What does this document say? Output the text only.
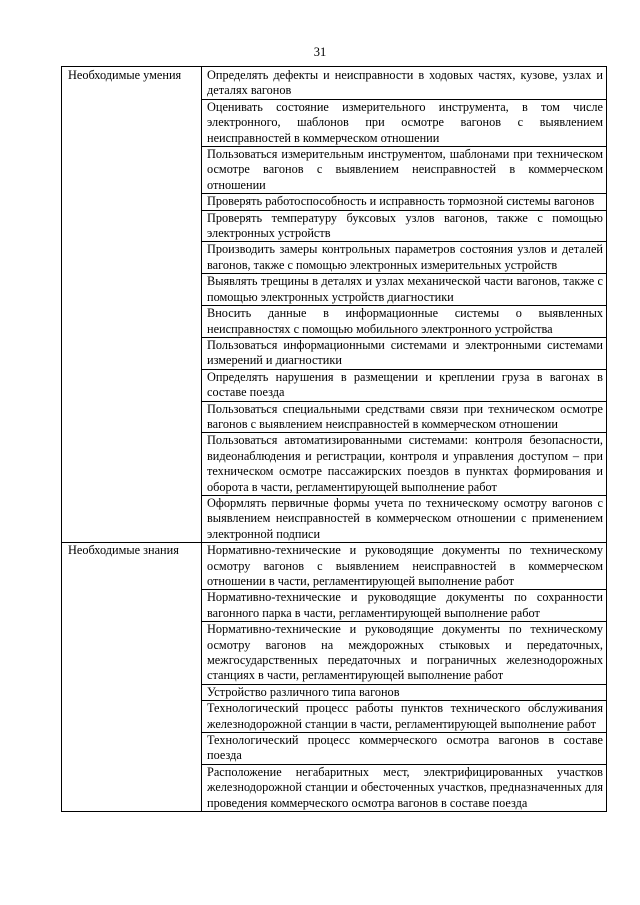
31
Необходимые умения	Определять дефекты и неисправности в ходовых частях, кузове, узлах и деталях вагонов
	Оценивать состояние измерительного инструмента, в том числе электронного, шаблонов при осмотре вагонов с выявлением неисправностей в коммерческом отношении
	Пользоваться измерительным инструментом, шаблонами при техническом осмотре вагонов с выявлением неисправностей в коммерческом отношении
	Проверять работоспособность и исправность тормозной системы вагонов
	Проверять температуру буксовых узлов вагонов, также с помощью электронных устройств
	Производить замеры контрольных параметров состояния узлов и деталей вагонов, также с помощью электронных измерительных устройств
	Выявлять трещины в деталях и узлах механической части вагонов, также с помощью электронных устройств диагностики
	Вносить данные в информационные системы о выявленных неисправностях с помощью мобильного электронного устройства
	Пользоваться информационными системами и электронными системами измерений и диагностики
	Определять нарушения в размещении и креплении груза в вагонах в составе поезда
	Пользоваться специальными средствами связи при техническом осмотре вагонов с выявлением неисправностей в коммерческом отношении
	Пользоваться автоматизированными системами: контроля безопасности, видеонаблюдения и регистрации, контроля и управления доступом – при техническом осмотре пассажирских поездов в пунктах формирования и оборота в части, регламентирующей выполнение работ
	Оформлять первичные формы учета по техническому осмотру вагонов с выявлением неисправностей в коммерческом отношении с применением электронной подписи
Необходимые знания	Нормативно-технические и руководящие документы по техническому осмотру вагонов с выявлением неисправностей в коммерческом отношении в части, регламентирующей выполнение работ
	Нормативно-технические и руководящие документы по сохранности вагонного парка в части, регламентирующей выполнение работ
	Нормативно-технические и руководящие документы по техническому осмотру вагонов на междорожных стыковых и передаточных, межгосударственных передаточных и пограничных железнодорожных станциях в части, регламентирующей выполнение работ
	Устройство различного типа вагонов
	Технологический процесс работы пунктов технического обслуживания железнодорожной станции в части, регламентирующей выполнение работ
	Технологический процесс коммерческого осмотра вагонов в составе поезда
	Расположение негабаритных мест, электрифицированных участков железнодорожной станции и обесточенных участков, предназначенных для проведения коммерческого осмотра вагонов в составе поезда
